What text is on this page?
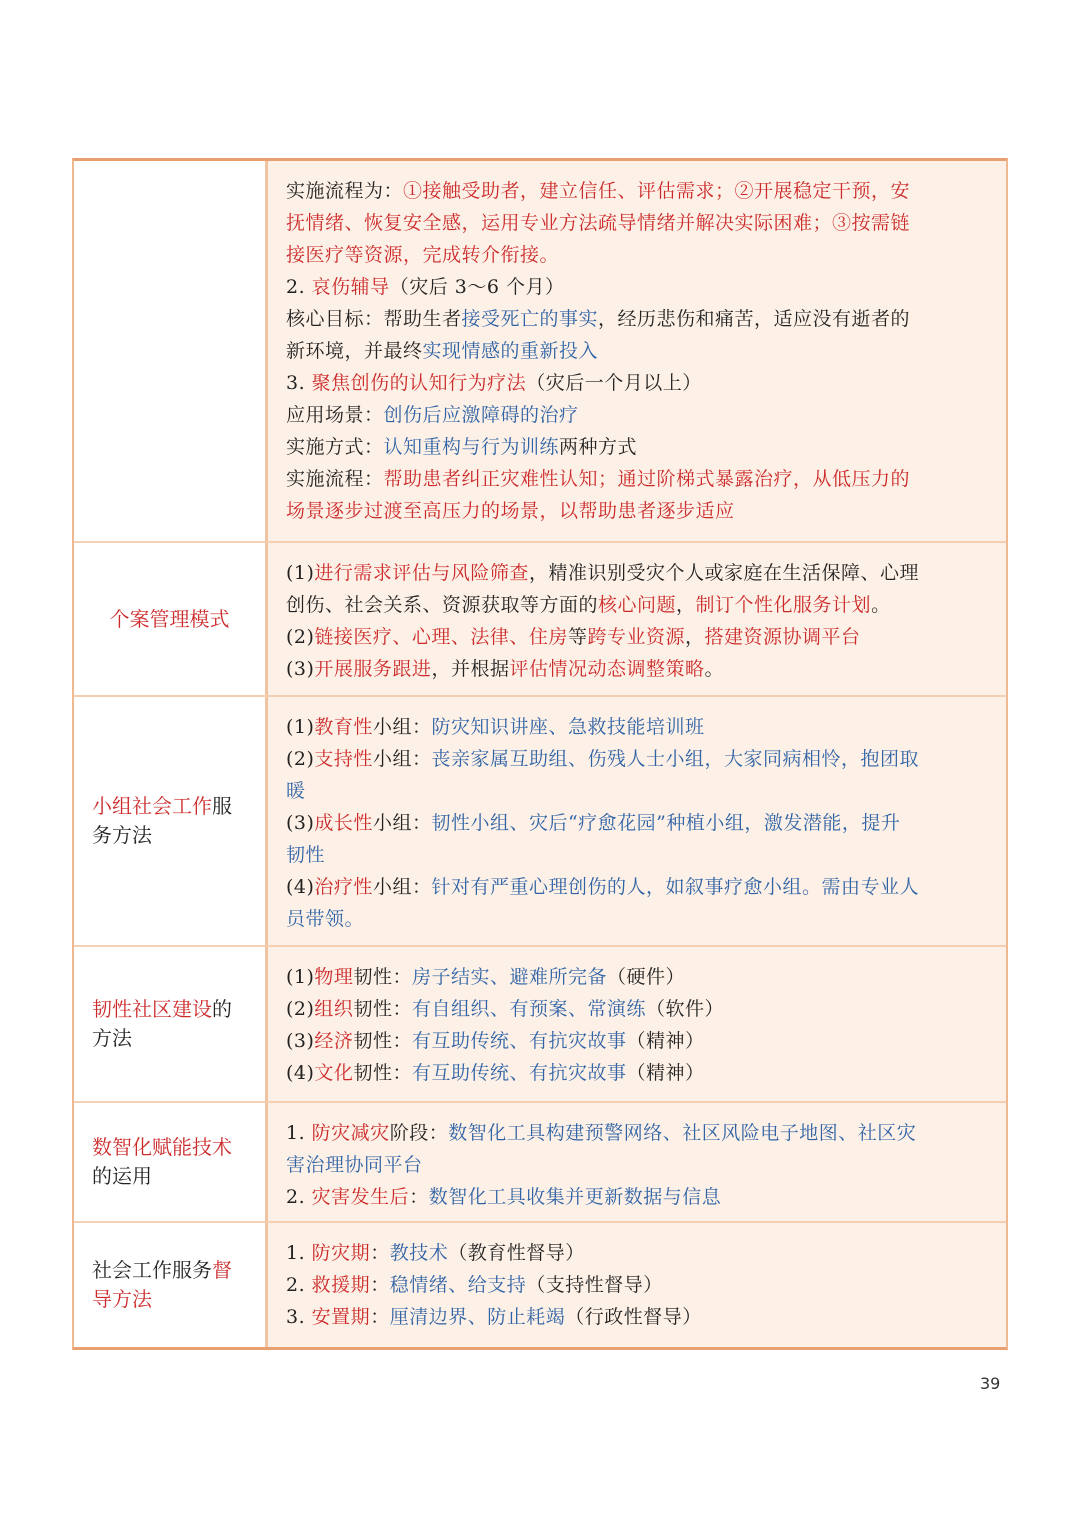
实施流程为：①接触受助者，建立信任、评估需求；②开展稳定干预，安
抚情绪、恢复安全感，运用专业方法疏导情绪并解决实际困难；③按需链
接医疗等资源，完成转介衔接。
2. 哀伤辅导（灾后 3～6 个月）
核心目标：帮助生者接受死亡的事实，经历悲伤和痛苦，适应没有逝者的
新环境，并最终实现情感的重新投入
3. 聚焦创伤的认知行为疗法（灾后一个月以上）
应用场景：创伤后应激障碍的治疗
实施方式：认知重构与行为训练两种方式
实施流程：帮助患者纠正灾难性认知；通过阶梯式暴露治疗，从低压力的
场景逐步过渡至高压力的场景，以帮助患者逐步适应
个案管理模式
(1)进行需求评估与风险筛查，精准识别受灾个人或家庭在生活保障、心理
创伤、社会关系、资源获取等方面的核心问题，制订个性化服务计划。
(2)链接医疗、心理、法律、住房等跨专业资源，搭建资源协调平台
(3)开展服务跟进，并根据评估情况动态调整策略。
小组社会工作服务方法
(1)教育性小组：防灾知识讲座、急救技能培训班
(2)支持性小组：丧亲家属互助组、伤残人士小组，大家同病相怜，抱团取
暖
(3)成长性小组：韧性小组、灾后“疗愈花园”种植小组，激发潜能，提升
韧性
(4)治疗性小组：针对有严重心理创伤的人，如叙事疗愈小组。需由专业人
员带领。
韧性社区建设的方法
(1)物理韧性：房子结实、避难所完备（硬件）
(2)组织韧性：有自组织、有预案、常演练（软件）
(3)经济韧性：有互助传统、有抗灾故事（精神）
(4)文化韧性：有互助传统、有抗灾故事（精神）
数智化赋能技术的运用
1. 防灾减灾阶段：数智化工具构建预警网络、社区风险电子地图、社区灾
害治理协同平台
2. 灾害发生后：数智化工具收集并更新数据与信息
社会工作服务督导方法
1. 防灾期：教技术（教育性督导）
2. 救援期：稳情绪、给支持（支持性督导）
3. 安置期：厘清边界、防止耗竭（行政性督导）
39
